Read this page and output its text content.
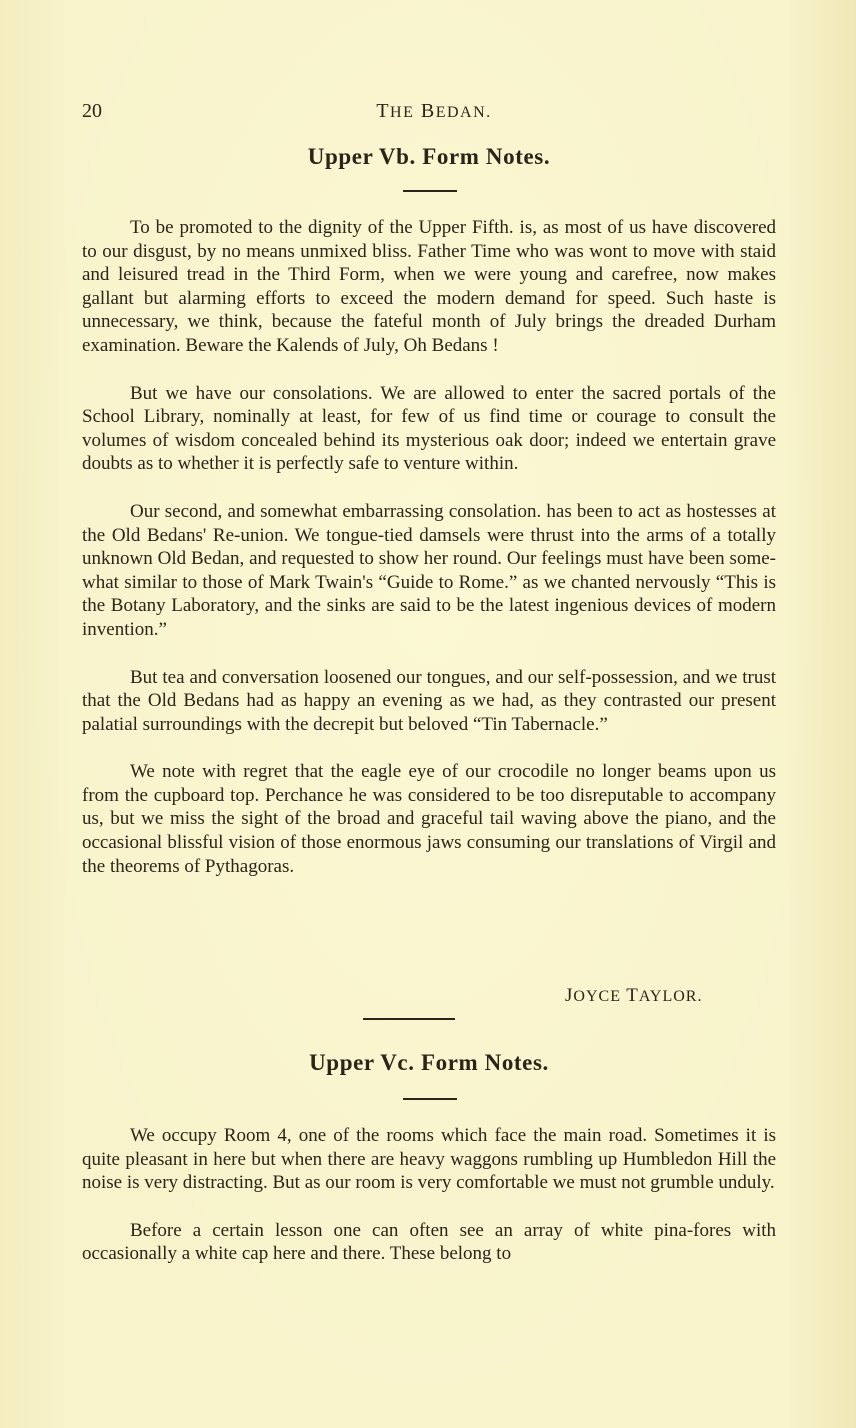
20	THE BEDAN.
Upper Vb. Form Notes.

To be promoted to the dignity of the Upper Fifth. is, as most of us have discovered to our disgust, by no means unmixed bliss. Father Time who was wont to move with staid and leisured tread in the Third Form, when we were young and carefree, now makes gallant but alarming efforts to exceed the modern demand for speed. Such haste is unnecessary, we think, because the fateful month of July brings the dreaded Durham examination. Beware the Kalends of July, Oh Bedans !

But we have our consolations. We are allowed to enter the sacred portals of the School Library, nominally at least, for few of us find time or courage to consult the volumes of wisdom concealed behind its mysterious oak door; indeed we entertain grave doubts as to whether it is perfectly safe to venture within.

Our second, and somewhat embarrassing consolation. has been to act as hostesses at the Old Bedans' Re-union. We tongue-tied damsels were thrust into the arms of a totally unknown Old Bedan, and requested to show her round. Our feelings must have been some-what similar to those of Mark Twain's “Guide to Rome.” as we chanted nervously “This is the Botany Laboratory, and the sinks are said to be the latest ingenious devices of modern invention.”

But tea and conversation loosened our tongues, and our self-possession, and we trust that the Old Bedans had as happy an evening as we had, as they contrasted our present palatial surroundings with the decrepit but beloved “Tin Tabernacle.”

We note with regret that the eagle eye of our crocodile no longer beams upon us from the cupboard top. Perchance he was considered to be too disreputable to accompany us, but we miss the sight of the broad and graceful tail waving above the piano, and the occasional blissful vision of those enormous jaws consuming our translations of Virgil and the theorems of Pythagoras.

JOYCE TAYLOR.
Upper Vc. Form Notes.

We occupy Room 4, one of the rooms which face the main road. Sometimes it is quite pleasant in here but when there are heavy waggons rumbling up Humbledon Hill the noise is very distracting. But as our room is very comfortable we must not grumble unduly.

Before a certain lesson one can often see an array of white pina-fores with occasionally a white cap here and there. These belong to
